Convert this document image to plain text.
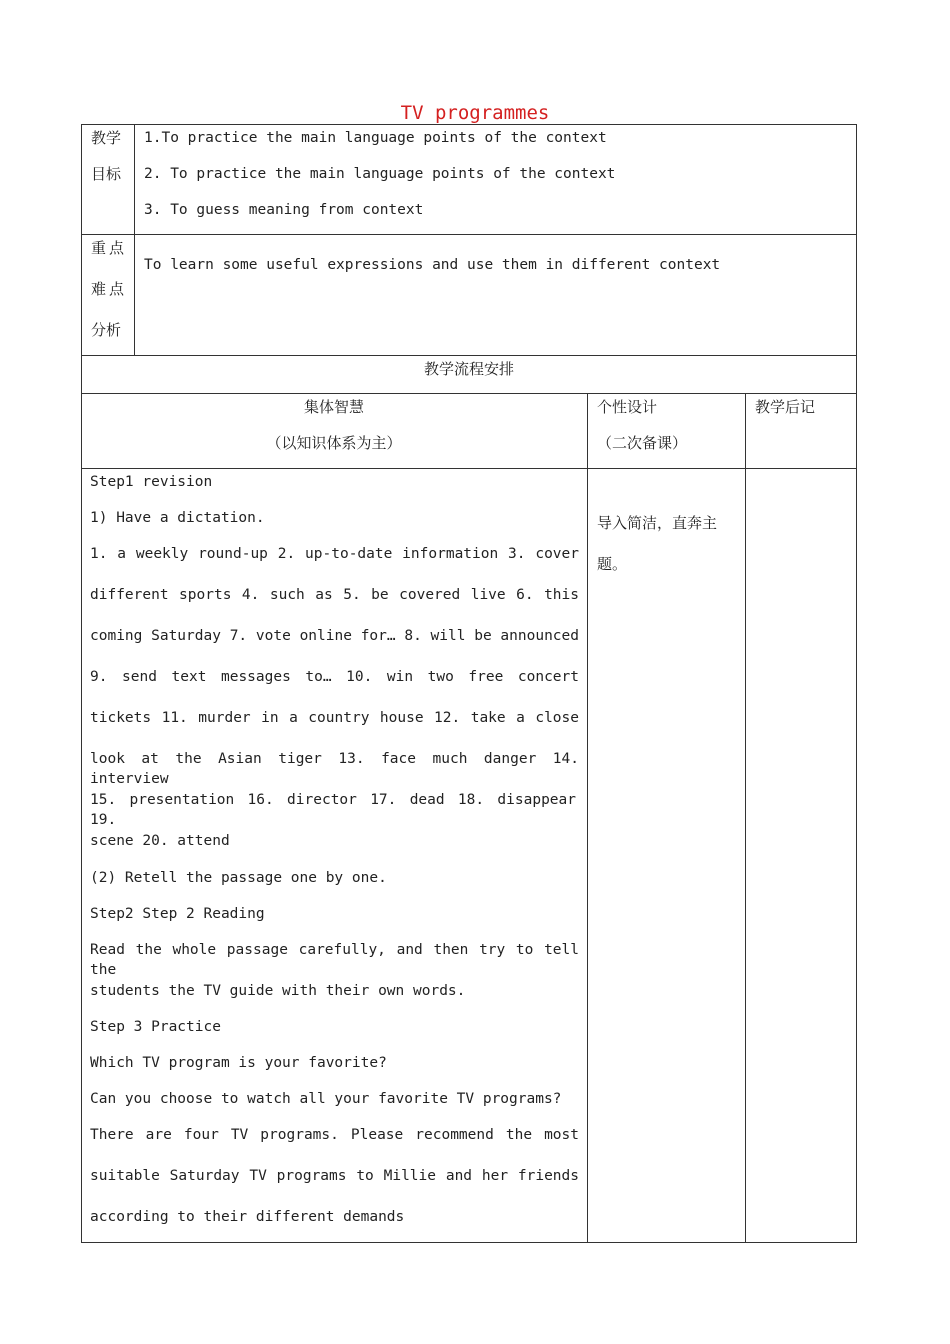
TV programmes
教学
目标
1.To practice the main language points of the context
2. To practice the main language points of the context
3. To guess meaning from context
重点
难点
分析
To learn some useful expressions and use them in different context
教学流程安排
集体智慧
（以知识体系为主）
个性设计
（二次备课）
教学后记
Step1 revision
1) Have a dictation.
1. a weekly round-up 2. up-to-date information 3. cover
different sports 4. such as 5. be covered live 6. this
coming Saturday 7. vote online for… 8. will be announced
9. send text messages to… 10. win two free concert
tickets 11. murder in a country house 12. take a close
look at the Asian tiger 13. face much danger 14. interview
15. presentation 16. director 17. dead 18. disappear 19.
scene 20. attend
(2) Retell the passage one by one.
Step2 Step 2 Reading
Read the whole passage carefully, and then try to tell the
students the TV guide with their own words.
Step 3 Practice
Which TV program is your favorite?
Can you choose to watch all your favorite TV programs?
There are four TV programs. Please recommend the most
suitable Saturday TV programs to Millie and her friends
according to their different demands
导入简洁，直奔主
题。
